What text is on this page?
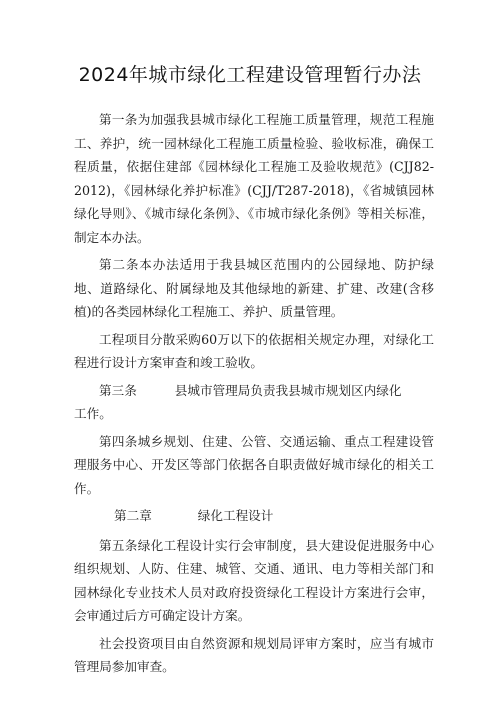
2024年城市绿化工程建设管理暂行办法

第一条为加强我县城市绿化工程施工质量管理，规范工程施工、养护，统一园林绿化工程施工质量检验、验收标准，确保工程质量，依据住建部《园林绿化工程施工及验收规范》(CJJ82-2012)，《园林绿化养护标准》(CJJ/T287-2018)，《省城镇园林绿化导则》、《城市绿化条例》、《市城市绿化条例》等相关标准，制定本办法。

第二条本办法适用于我县城区范围内的公园绿地、防护绿地、道路绿化、附属绿地及其他绿地的新建、扩建、改建(含移植)的各类园林绿化工程施工、养护、质量管理。

工程项目分散采购60万以下的依据相关规定办理，对绿化工程进行设计方案审查和竣工验收。

第三条	县城市管理局负责我县城市规划区内绿化

工作。

第四条城乡规划、住建、公管、交通运输、重点工程建设管理服务中心、开发区等部门依据各自职责做好城市绿化的相关工作。

第二章	绿化工程设计

第五条绿化工程设计实行会审制度，县大建设促进服务中心组织规划、人防、住建、城管、交通、通讯、电力等相关部门和园林绿化专业技术人员对政府投资绿化工程设计方案进行会审，会审通过后方可确定设计方案。

社会投资项目由自然资源和规划局评审方案时，应当有城市管理局参加审查。
